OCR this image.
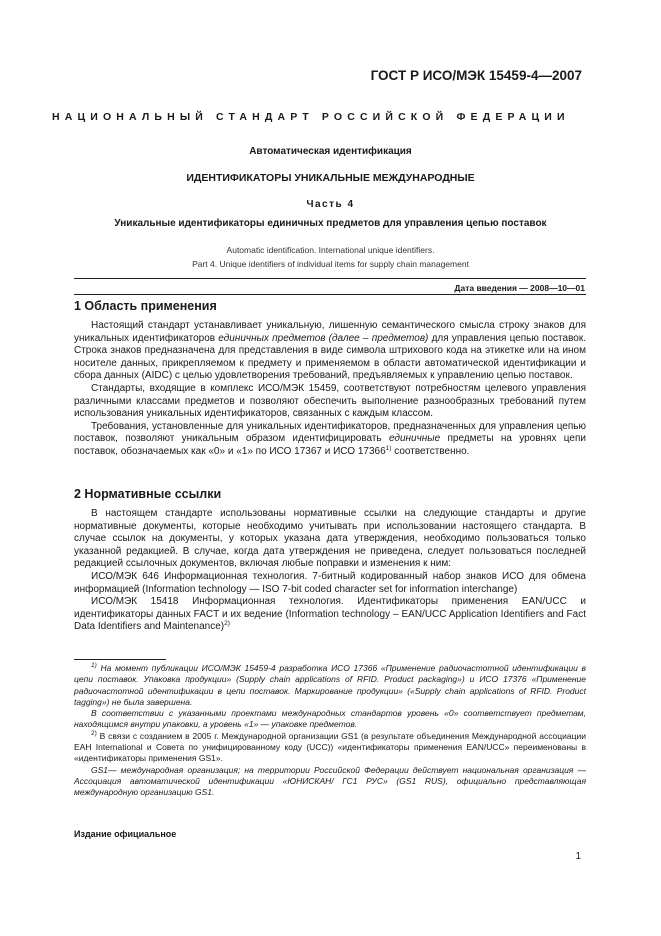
ГОСТ Р ИСО/МЭК 15459-4—2007
НАЦИОНАЛЬНЫЙ СТАНДАРТ РОССИЙСКОЙ ФЕДЕРАЦИИ
Автоматическая идентификация
ИДЕНТИФИКАТОРЫ УНИКАЛЬНЫЕ МЕЖДУНАРОДНЫЕ
Часть 4
Уникальные идентификаторы единичных предметов для управления цепью поставок
Automatic identification. International unique identifiers.
Part 4. Unique identifiers of individual items for supply chain management
Дата введения — 2008—10—01
1 Область применения

Настоящий стандарт устанавливает уникальную, лишенную семантического смысла строку знаков для уникальных идентификаторов единичных предметов (далее – предметов) для управления цепью поставок. Строка знаков предназначена для представления в виде символа штрихового кода на этикетке или на ином носителе данных, прикрепляемом к предмету и применяемом в области автоматической идентификации и сбора данных (AIDC) с целью удовлетворения требований, предъявляемых к управлению цепью поставок.

Стандарты, входящие в комплекс ИСО/МЭК 15459, соответствуют потребностям целевого управления различными классами предметов и позволяют обеспечить выполнение разнообразных требований путем использования уникальных идентификаторов, связанных с каждым классом.

Требования, установленные для уникальных идентификаторов, предназначенных для управления цепью поставок, позволяют уникальным образом идентифицировать единичные предметы на уровнях цепи поставок, обозначаемых как «0» и «1» по ИСО 17367 и ИСО 17366$^{1)}$ соответственно.

2 Нормативные ссылки

В настоящем стандарте использованы нормативные ссылки на следующие стандарты и другие нормативные документы, которые необходимо учитывать при использовании настоящего стандарта. В случае ссылок на документы, у которых указана дата утверждения, необходимо пользоваться только указанной редакцией. В случае, когда дата утверждения не приведена, следует пользоваться последней редакцией ссылочных документов, включая любые поправки и изменения к ним:

ИСО/МЭК 646 Информационная технология. 7-битный кодированный набор знаков ИСО для обмена информацией (Information technology — ISO 7-bit coded character set for information interchange)

ИСО/МЭК 15418 Информационная технология. Идентификаторы применения EAN/UCC и идентификаторы данных FACT и их ведение (Information technology – EAN/UCC Application Identifiers and Fact Data Identifiers and Maintenance)$^{2)}$

$^{1)}$ На момент публикации ИСО/МЭК 15459-4 разработка ИСО 17366 «Применение радиочастотной идентификации в цепи поставок. Упаковка продукции» (Supply chain applications of RFID. Product packaging») и ИСО 17376 «Применение радиочастотной идентификации в цепи поставок. Маркирование продукции» («Supply chain applications of RFID. Product tagging») не была завершена.

В соответствии с указанными проектами международных стандартов уровень «0» соответствует предметам, находящимся внутри упаковки, а уровень «1» — упаковке предметов.

$^{2)}$ В связи с созданием в 2005 г. Международной организации GS1 (в результате объединения Международной ассоциации EAH International и Совета по унифицированному коду (UCC)) «идентификаторы применения EAN/UCC» переименованы в «идентификаторы применения GS1».

GS1— международная организация; на территории Российской Федерации действует национальная организация — Ассоциация автоматической идентификации «ЮНИСКАН/ ГС1 РУС» (GS1 RUS), официально представляющая международную организацию GS1.

Издание официальное
1
